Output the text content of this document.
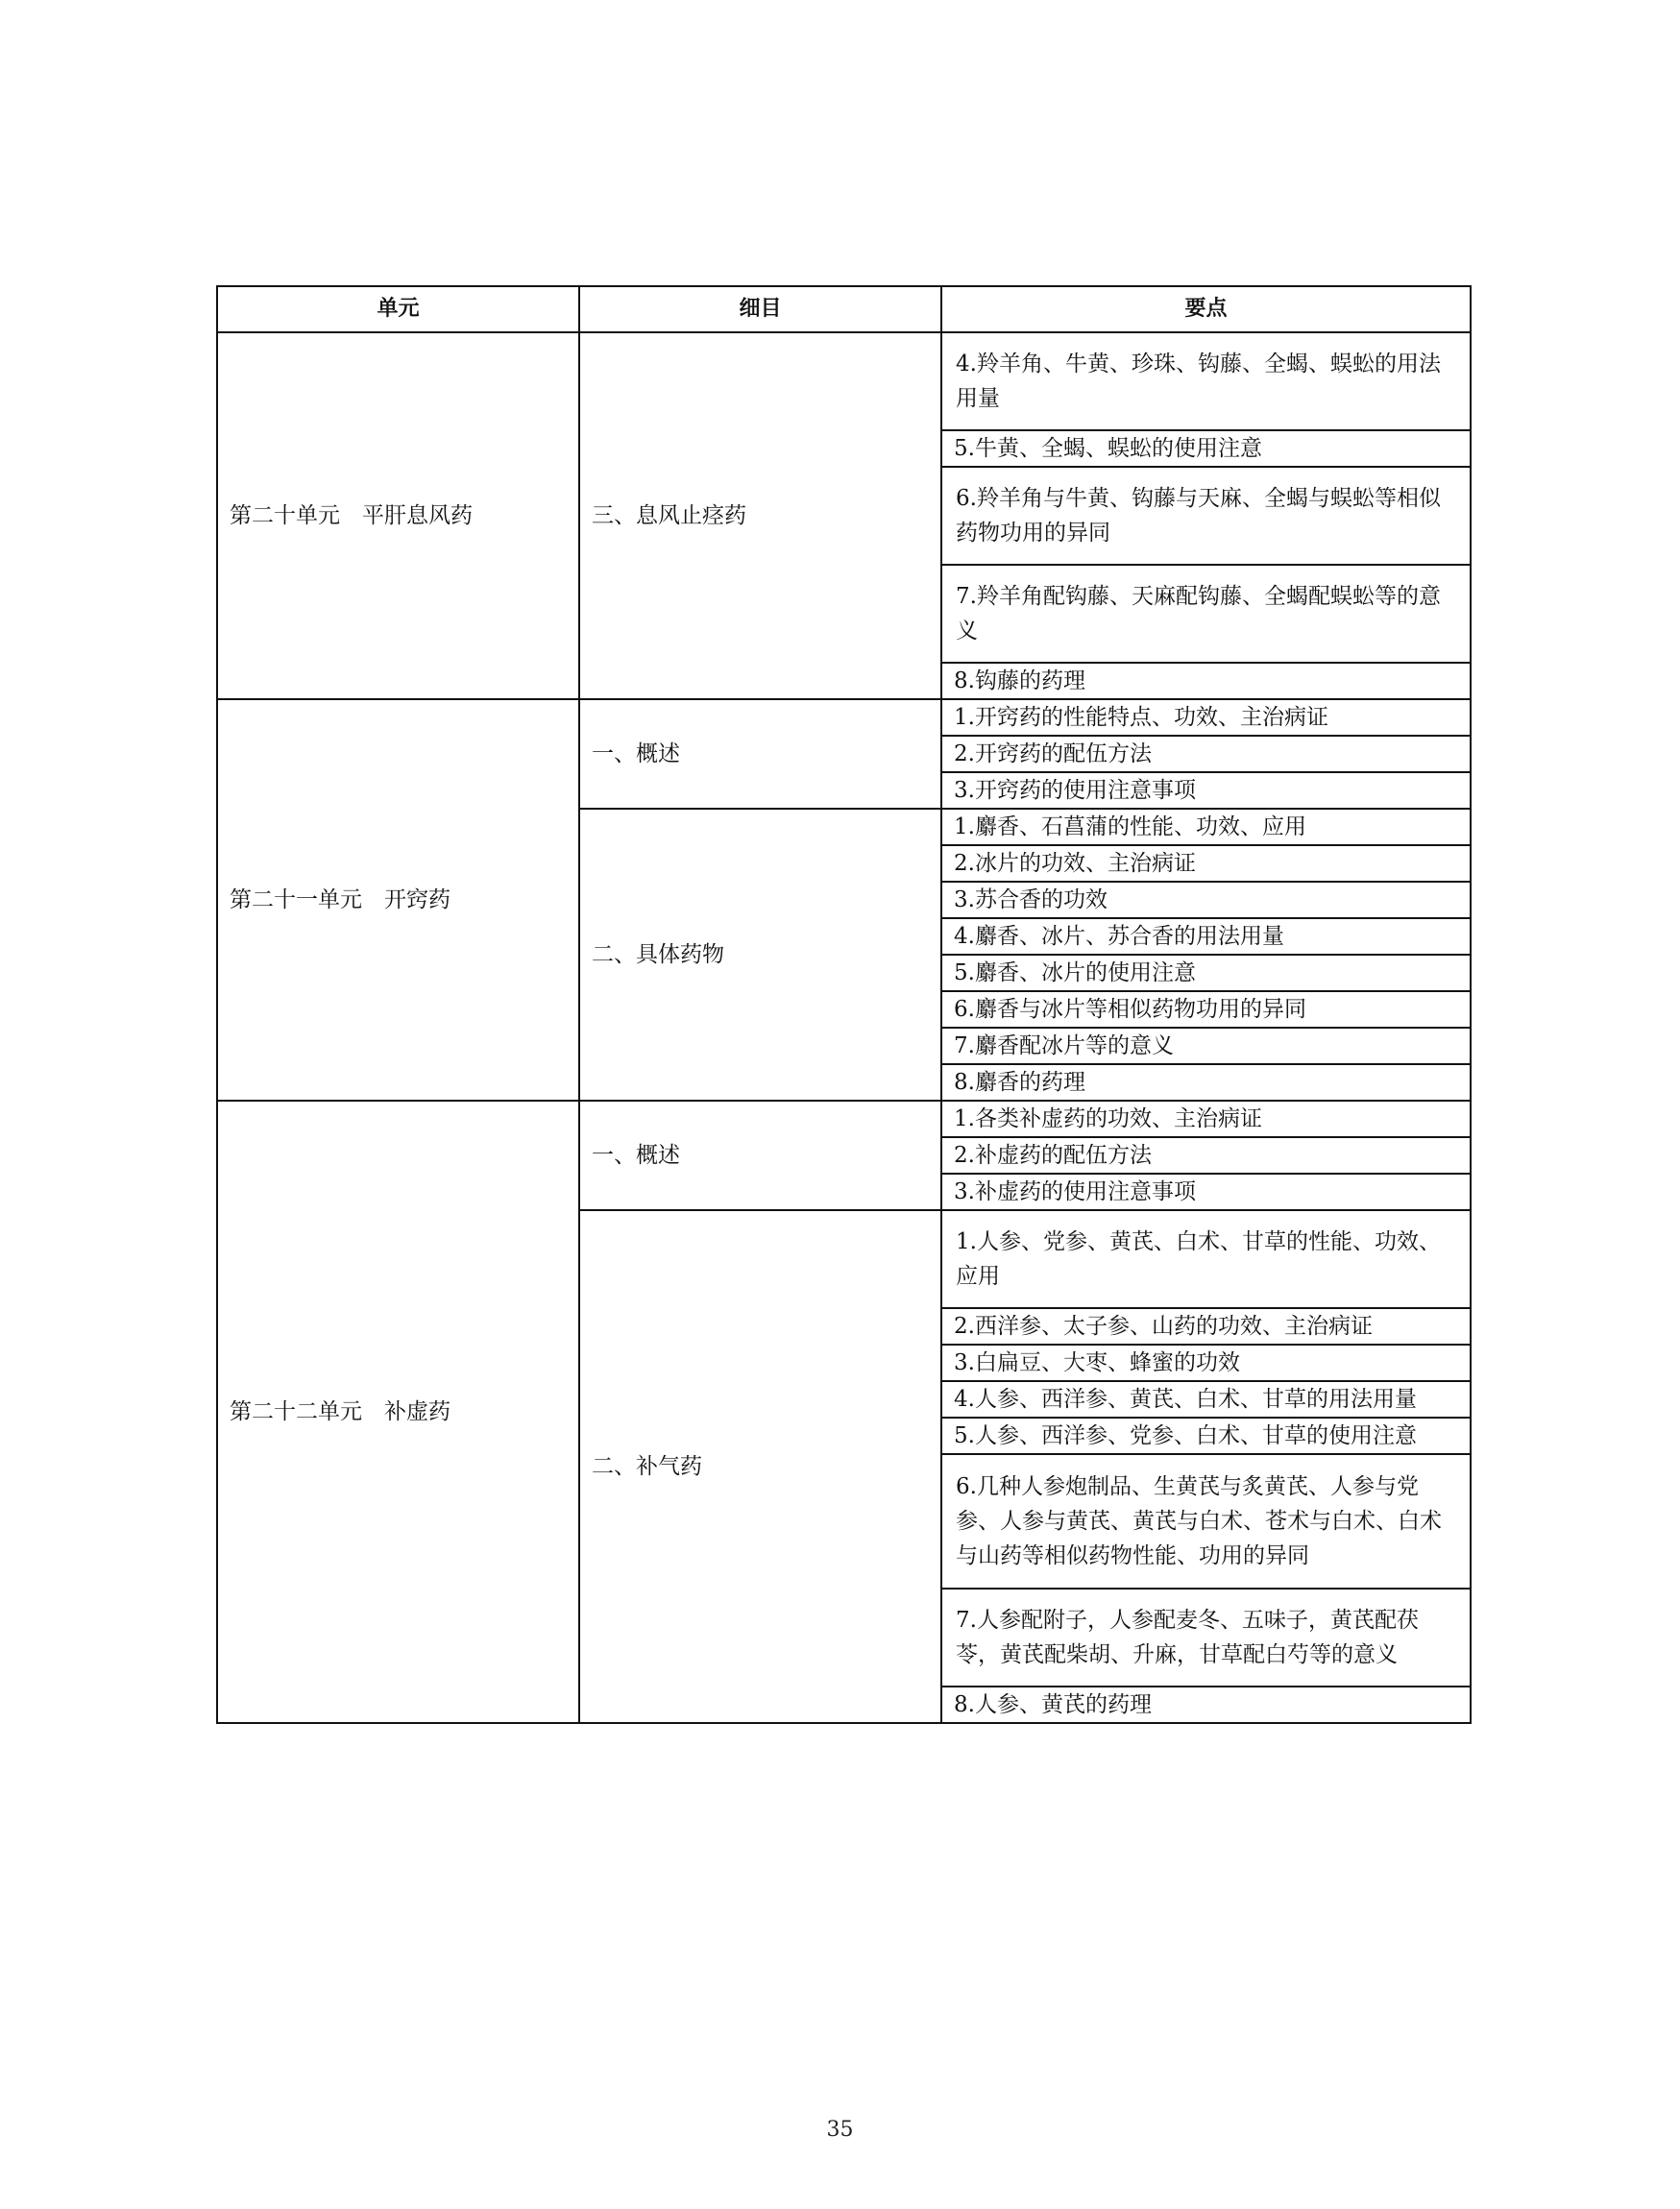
单元	细目	要点
第二十单元　平肝息风药	三、息风止痉药	4.羚羊角、牛黄、珍珠、钩藤、全蝎、蜈蚣的用法用量
		5.牛黄、全蝎、蜈蚣的使用注意
		6.羚羊角与牛黄、钩藤与天麻、全蝎与蜈蚣等相似药物功用的异同
		7.羚羊角配钩藤、天麻配钩藤、全蝎配蜈蚣等的意义
		8.钩藤的药理
第二十一单元　开窍药	一、概述	1.开窍药的性能特点、功效、主治病证
		2.开窍药的配伍方法
		3.开窍药的使用注意事项
	二、具体药物	1.麝香、石菖蒲的性能、功效、应用
		2.冰片的功效、主治病证
		3.苏合香的功效
		4.麝香、冰片、苏合香的用法用量
		5.麝香、冰片的使用注意
		6.麝香与冰片等相似药物功用的异同
		7.麝香配冰片等的意义
		8.麝香的药理
第二十二单元　补虚药	一、概述	1.各类补虚药的功效、主治病证
		2.补虚药的配伍方法
		3.补虚药的使用注意事项
	二、补气药	1.人参、党参、黄芪、白术、甘草的性能、功效、应用
		2.西洋参、太子参、山药的功效、主治病证
		3.白扁豆、大枣、蜂蜜的功效
		4.人参、西洋参、黄芪、白术、甘草的用法用量
		5.人参、西洋参、党参、白术、甘草的使用注意
		6.几种人参炮制品、生黄芪与炙黄芪、人参与党参、人参与黄芪、黄芪与白术、苍术与白术、白术与山药等相似药物性能、功用的异同
		7.人参配附子，人参配麦冬、五味子，黄芪配茯苓，黄芪配柴胡、升麻，甘草配白芍等的意义
		8.人参、黄芪的药理
35
